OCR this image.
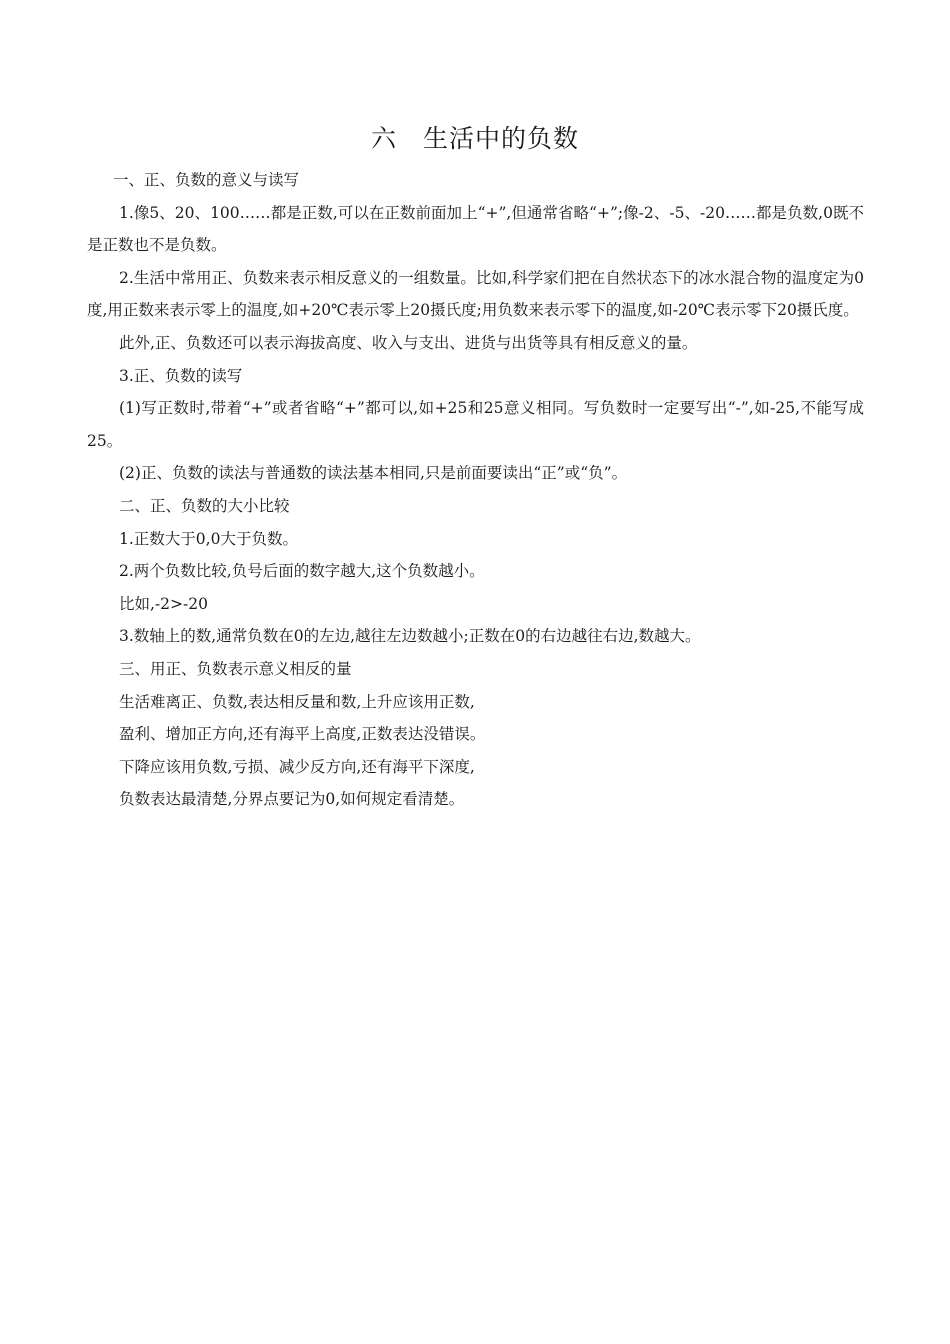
六　生活中的负数

一、正、负数的意义与读写

1.像5、20、100……都是正数,可以在正数前面加上“+”,但通常省略“+”;像-2、-5、-20……都是负数,0既不是正数也不是负数。

2.生活中常用正、负数来表示相反意义的一组数量。比如,科学家们把在自然状态下的冰水混合物的温度定为0度,用正数来表示零上的温度,如+20℃表示零上20摄氏度;用负数来表示零下的温度,如-20℃表示零下20摄氏度。

此外,正、负数还可以表示海拔高度、收入与支出、进货与出货等具有相反意义的量。

3.正、负数的读写

(1)写正数时,带着“+”或者省略“+”都可以,如+25和25意义相同。写负数时一定要写出“-”,如-25,不能写成25。

(2)正、负数的读法与普通数的读法基本相同,只是前面要读出“正”或“负”。

二、正、负数的大小比较

1.正数大于0,0大于负数。

2.两个负数比较,负号后面的数字越大,这个负数越小。

比如,-2>-20

3.数轴上的数,通常负数在0的左边,越往左边数越小;正数在0的右边越往右边,数越大。

三、用正、负数表示意义相反的量

生活难离正、负数,表达相反量和数,上升应该用正数,

盈利、增加正方向,还有海平上高度,正数表达没错误。

下降应该用负数,亏损、减少反方向,还有海平下深度,

负数表达最清楚,分界点要记为0,如何规定看清楚。
